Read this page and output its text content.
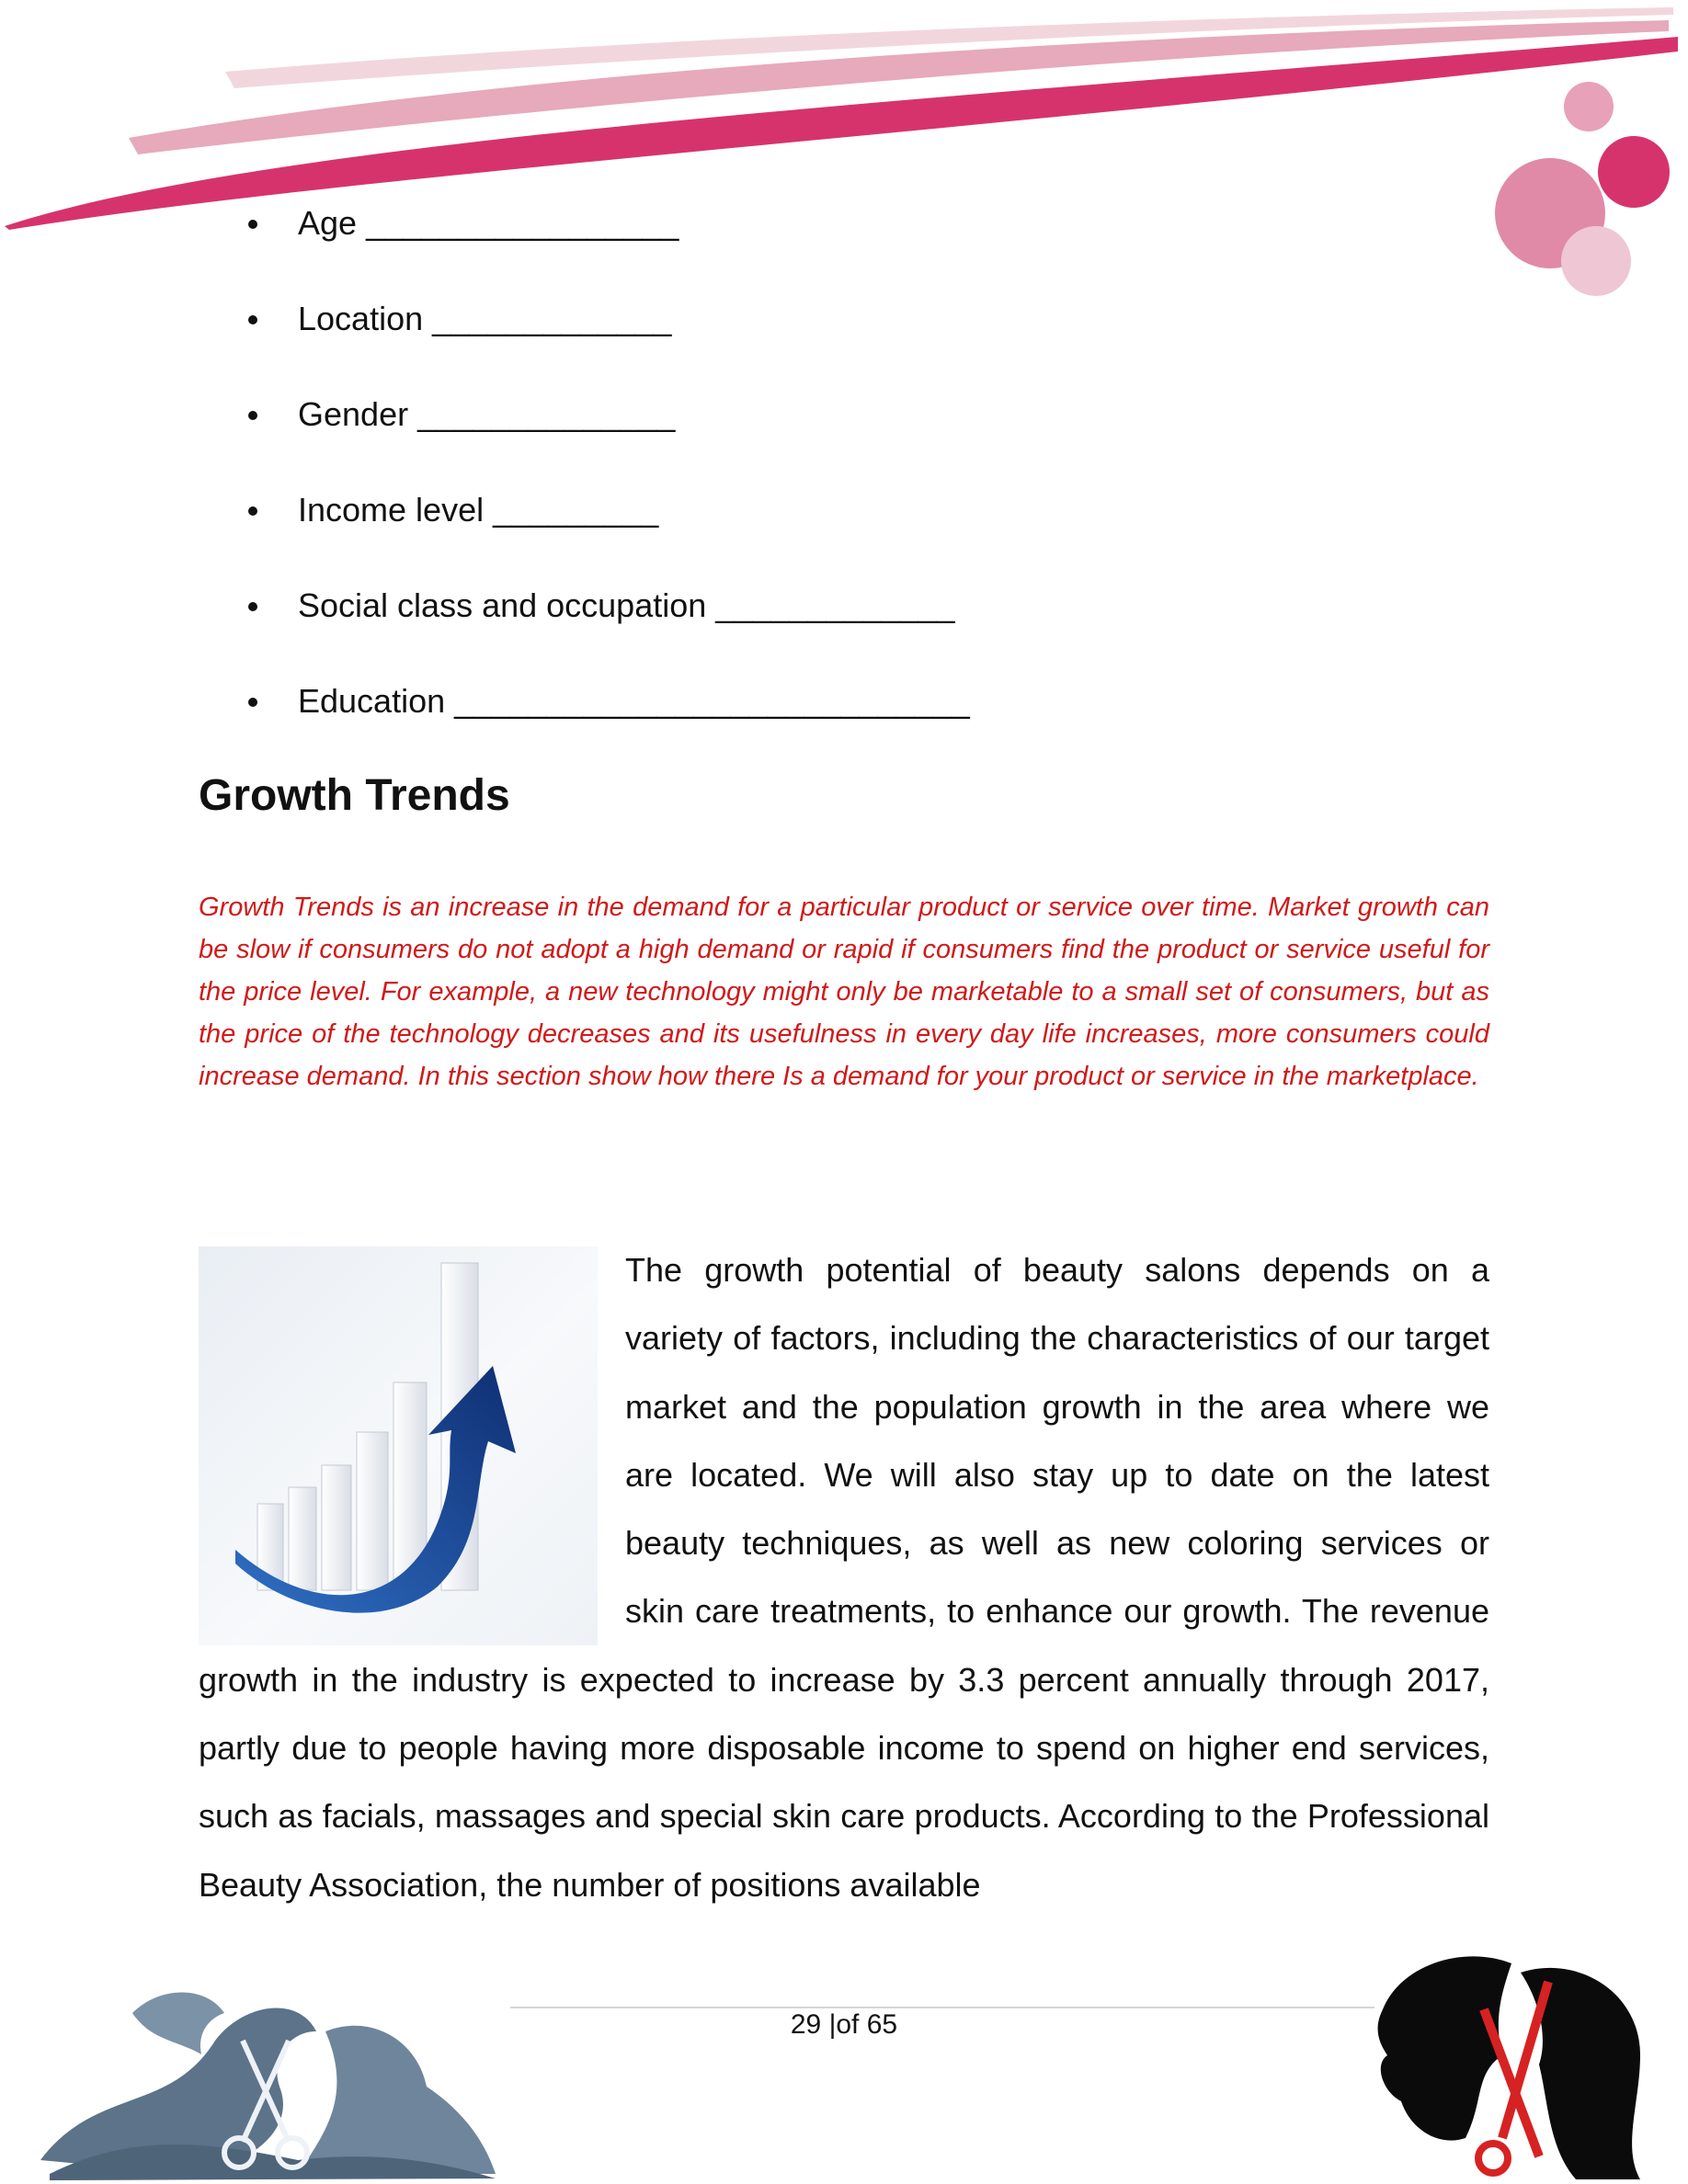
Age _________________
Location _____________
Gender ______________
Income level _________
Social class and occupation _____________
Education ____________________________
Growth Trends

Growth Trends is an increase in the demand for a particular product or service over time. Market growth can be slow if consumers do not adopt a high demand or rapid if consumers find the product or service useful for the price level. For example, a new technology might only be marketable to a small set of consumers, but as the price of the technology decreases and its usefulness in every day life increases, more consumers could increase demand. In this section show how there Is a demand for your product or service in the marketplace.

The growth potential of beauty salons depends on a variety of factors, including the characteristics of our target market and the population growth in the area where we are located. We will also stay up to date on the latest beauty techniques, as well as new coloring services or skin care treatments, to enhance our growth. The revenue growth in the industry is expected to increase by 3.3 percent annually through 2017, partly due to people having more disposable income to spend on higher end services, such as facials, massages and special skin care products. According to the Professional Beauty Association, the number of positions available

29 |of 65
